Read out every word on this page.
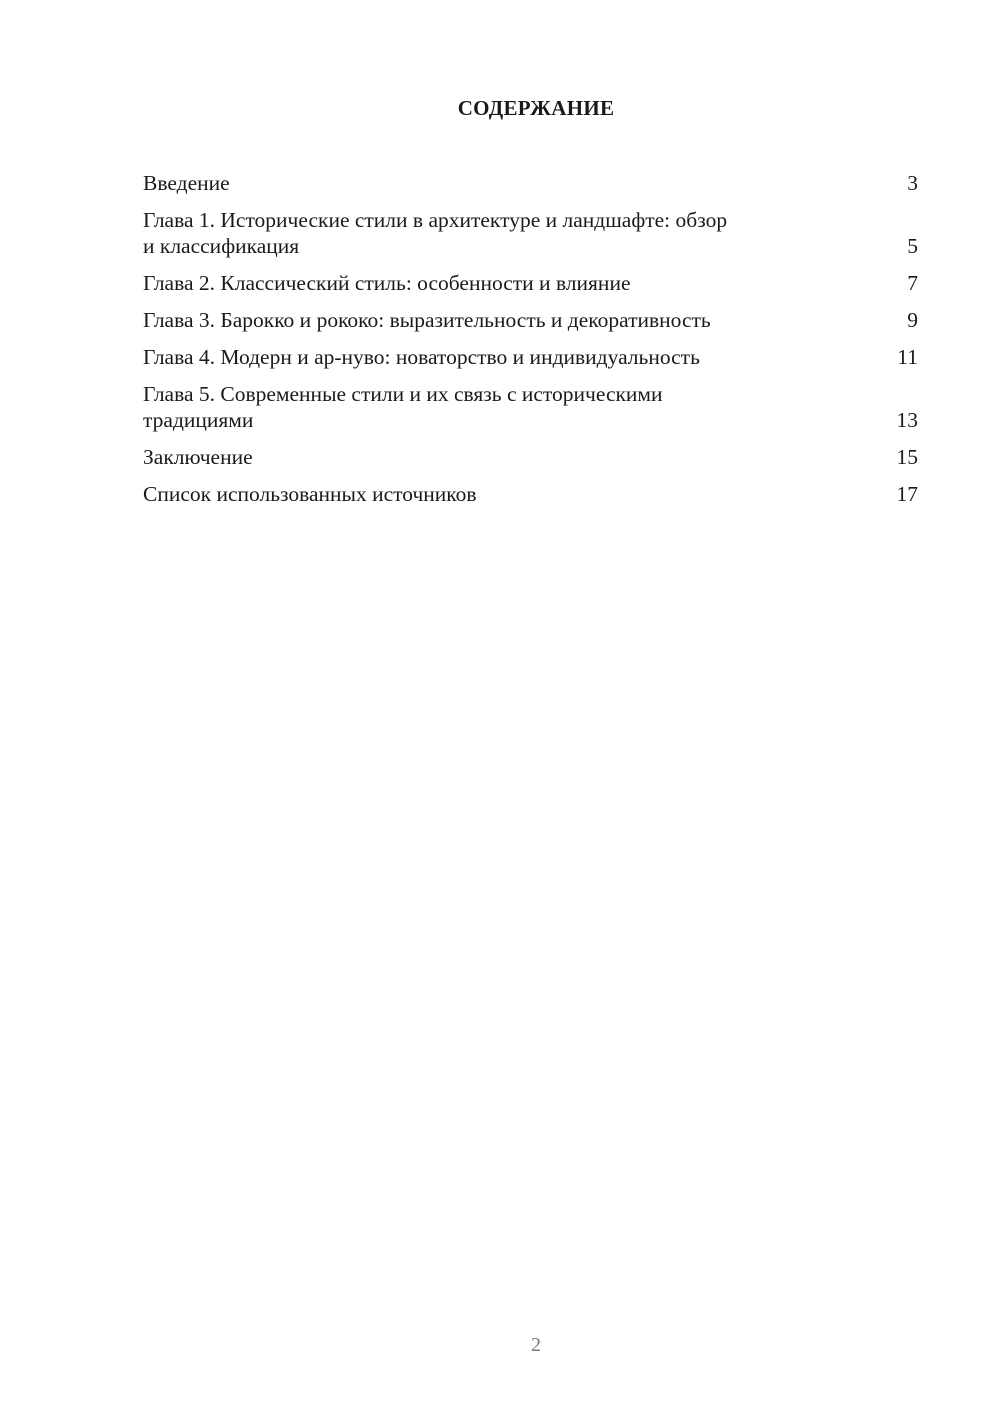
СОДЕРЖАНИЕ
Введение	3
Глава 1. Исторические стили в архитектуре и ландшафте: обзор
и классификация	5
Глава 2. Классический стиль: особенности и влияние	7
Глава 3. Барокко и рококо: выразительность и декоративность	9
Глава 4. Модерн и ар-нуво: новаторство и индивидуальность	11
Глава 5. Современные стили и их связь с историческими
традициями	13
Заключение	15
Список использованных источников	17
2
